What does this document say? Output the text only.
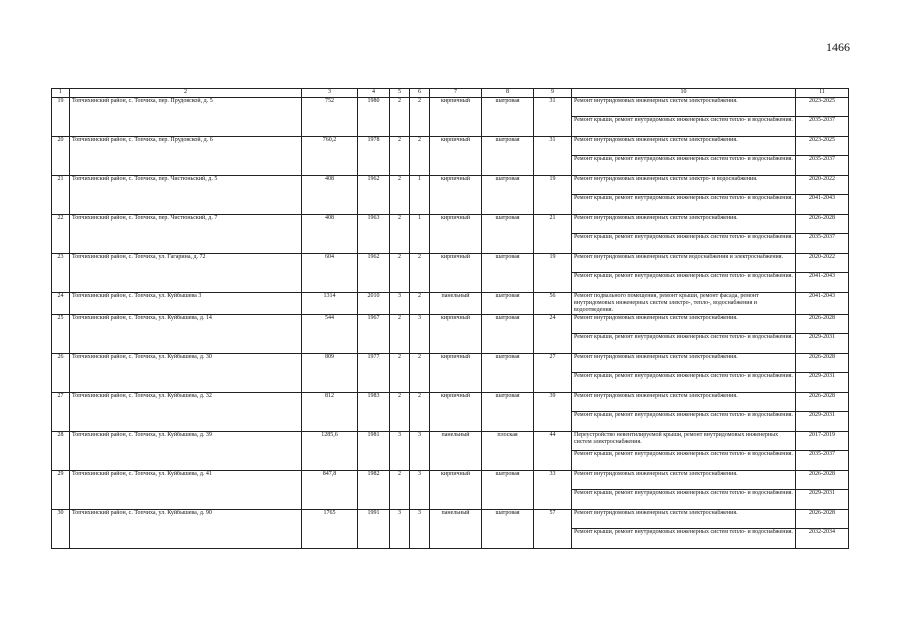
1466
1	2	3	4	5	6	7	8	9	10	11
19	Топчихинский район, с. Топчиха, пер. Прудовской, д. 5	752	1980	2	2	кирпичный	шатровая	31	Ремонт внутридомовых инженерных систем электроснабжения.	2023-2025
									Ремонт крыши, ремонт внутридомовых инженерных систем тепло- и водоснабжения.	2035-2037
20	Топчихинский район, с. Топчиха, пер. Прудовской, д. 6	760,2	1978	2	2	кирпичный	шатровая	31	Ремонт внутридомовых инженерных систем электроснабжения.	2023-2025
									Ремонт крыши, ремонт внутридомовых инженерных систем тепло- и водоснабжения.	2035-2037
21	Топчихинский район, с. Топчиха, пер. Чистюньский, д. 5	408	1962	2	1	кирпичный	шатровая	19	Ремонт внутридомовых инженерных систем электро- и водоснабжения.	2020-2022
									Ремонт крыши, ремонт внутридомовых инженерных систем тепло- и водоснабжения.	2041-2043
22	Топчихинский район, с. Топчиха, пер. Чистюньский, д. 7	408	1963	2	1	кирпичный	шатровая	21	Ремонт внутридомовых инженерных систем электроснабжения.	2026-2028
									Ремонт крыши, ремонт внутридомовых инженерных систем тепло- и водоснабжения.	2035-2037
23	Топчихинский район, с. Топчиха, ул. Гагарина, д. 72	604	1962	2	2	кирпичный	шатровая	19	Ремонт внутридомовых инженерных систем водоснабжения и электроснабжения.	2020-2022
									Ремонт крыши, ремонт внутридомовых инженерных систем тепло- и водоснабжения.	2041-2043
24	Топчихинский район, с. Топчиха, ул. Куйбышева 3	1314	2010	3	2	панельный	шатровая	56	Ремонт подвального помещения, ремонт крыши, ремонт фасада, ремонт внутридомовых инженерных систем электро-, тепло-, водоснабжения и водоотведения.	2041-2043
25	Топчихинский район, с. Топчиха, ул. Куйбышева, д. 14	544	1967	2	3	кирпичный	шатровая	24	Ремонт внутридомовых инженерных систем электроснабжения.	2026-2028
									Ремонт крыши, ремонт внутридомовых инженерных систем тепло- и водоснабжения.	2029-2031
26	Топчихинский район, с. Топчиха, ул. Куйбышева, д. 30	809	1977	2	2	кирпичный	шатровая	27	Ремонт внутридомовых инженерных систем электроснабжения.	2026-2028
									Ремонт крыши, ремонт внутридомовых инженерных систем тепло- и водоснабжения.	2029-2031
27	Топчихинский район, с. Топчиха, ул. Куйбышева, д. 32	812	1983	2	2	кирпичный	шатровая	39	Ремонт внутридомовых инженерных систем электроснабжения.	2026-2028
									Ремонт крыши, ремонт внутридомовых инженерных систем тепло- и водоснабжения.	2029-2031
28	Топчихинский район, с. Топчиха, ул. Куйбышева, д. 39	1285,6	1981	3	3	панельный	плоская	44	Переустройство невентилируемой крыши, ремонт внутридомовых инженерных систем электроснабжения.	2017-2019
									Ремонт крыши, ремонт внутридомовых инженерных систем тепло- и водоснабжения.	2035-2037
29	Топчихинский район, с. Топчиха, ул. Куйбышева, д. 41	847,8	1982	2	3	кирпичный	шатровая	33	Ремонт внутридомовых инженерных систем электроснабжения.	2026-2028
									Ремонт крыши, ремонт внутридомовых инженерных систем тепло- и водоснабжения.	2029-2031
30	Топчихинский район, с. Топчиха, ул. Куйбышева, д. 90	1765	1991	3	3	панельный	шатровая	57	Ремонт внутридомовых инженерных систем электроснабжения.	2026-2028
									Ремонт крыши, ремонт внутридомовых инженерных систем тепло- и водоснабжения.	2032-2034
